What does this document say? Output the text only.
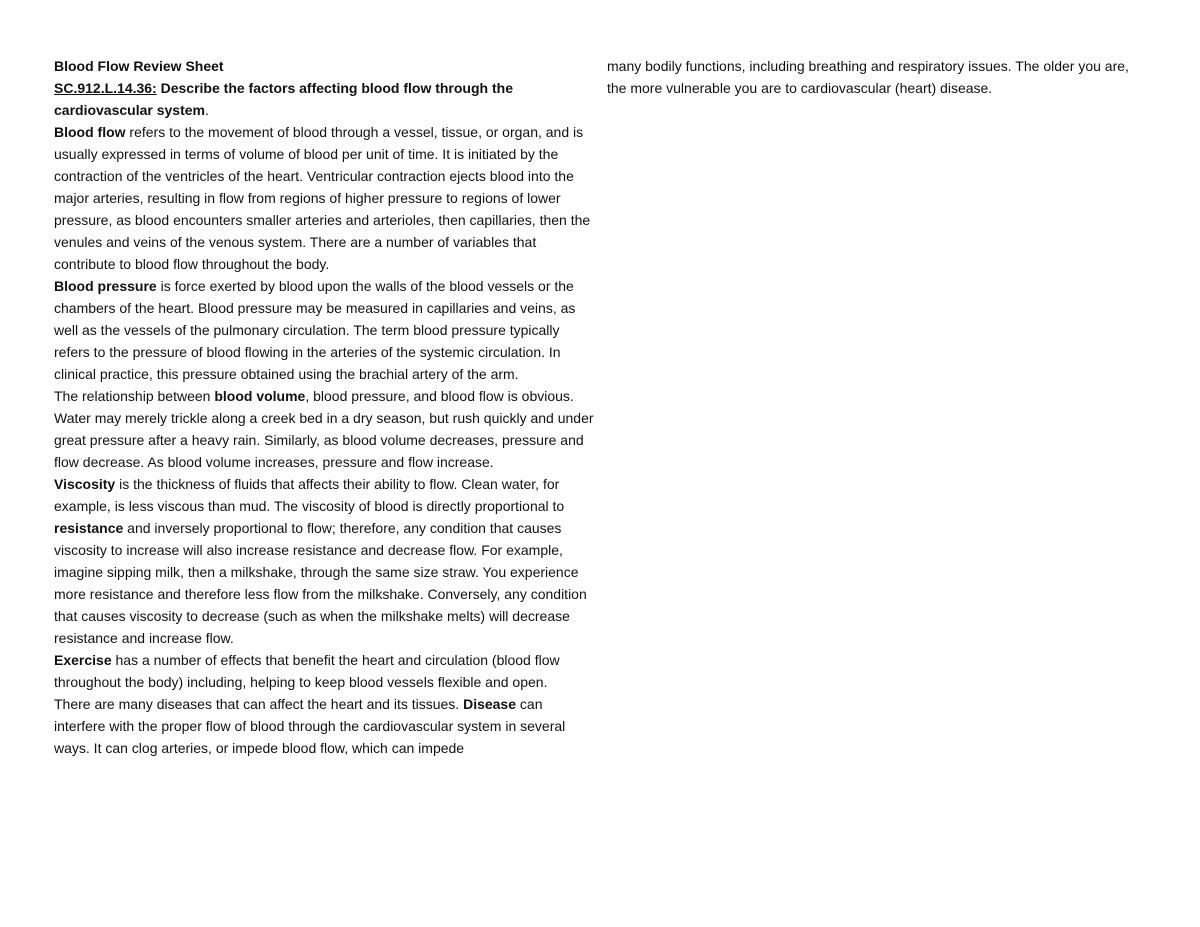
Blood Flow Review Sheet
SC.912.L.14.36: Describe the factors affecting blood flow through the cardiovascular system.

Blood flow refers to the movement of blood through a vessel, tissue, or organ, and is usually expressed in terms of volume of blood per unit of time. It is initiated by the contraction of the ventricles of the heart. Ventricular contraction ejects blood into the major arteries, resulting in flow from regions of higher pressure to regions of lower pressure, as blood encounters smaller arteries and arterioles, then capillaries, then the venules and veins of the venous system. There are a number of variables that contribute to blood flow throughout the body.

Blood pressure is force exerted by blood upon the walls of the blood vessels or the chambers of the heart. Blood pressure may be measured in capillaries and veins, as well as the vessels of the pulmonary circulation. The term blood pressure typically refers to the pressure of blood flowing in the arteries of the systemic circulation. In clinical practice, this pressure obtained using the brachial artery of the arm.

The relationship between blood volume, blood pressure, and blood flow is obvious. Water may merely trickle along a creek bed in a dry season, but rush quickly and under great pressure after a heavy rain. Similarly, as blood volume decreases, pressure and flow decrease. As blood volume increases, pressure and flow increase.

Viscosity is the thickness of fluids that affects their ability to flow. Clean water, for example, is less viscous than mud. The viscosity of blood is directly proportional to resistance and inversely proportional to flow; therefore, any condition that causes viscosity to increase will also increase resistance and decrease flow. For example, imagine sipping milk, then a milkshake, through the same size straw. You experience more resistance and therefore less flow from the milkshake. Conversely, any condition that causes viscosity to decrease (such as when the milkshake melts) will decrease resistance and increase flow.

Exercise has a number of effects that benefit the heart and circulation (blood flow throughout the body) including, helping to keep blood vessels flexible and open.

There are many diseases that can affect the heart and its tissues. Disease can interfere with the proper flow of blood through the cardiovascular system in several ways. It can clog arteries, or impede blood flow, which can impede

many bodily functions, including breathing and respiratory issues. The older you are, the more vulnerable you are to cardiovascular (heart) disease.
